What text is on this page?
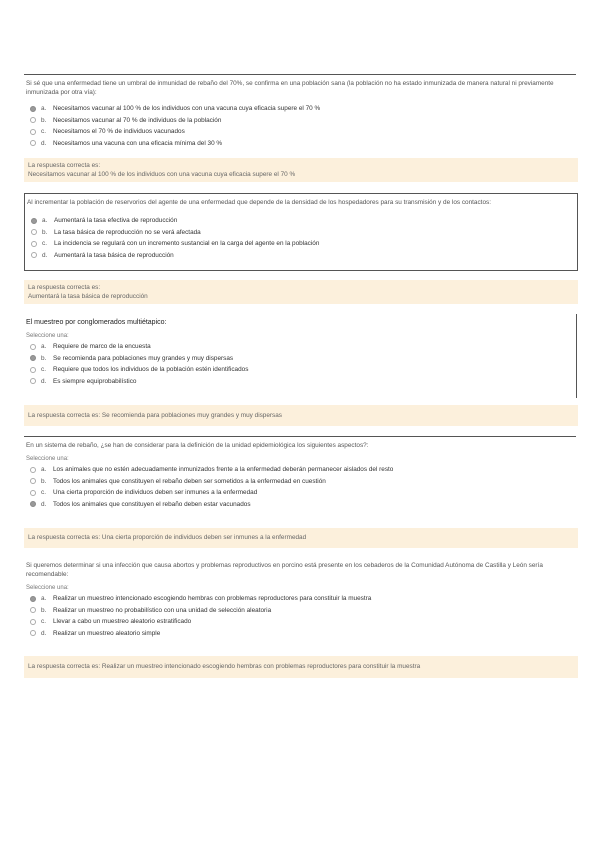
Si sé que una enfermedad tiene un umbral de inmunidad de rebaño del 70%, se confirma en una población sana (la población no ha estado inmunizada de manera natural ni previamente inmunizada por otra vía):
a.	Necesitamos vacunar al 100 % de los individuos con una vacuna cuya eficacia supere el 70 %
b.	Necesitamos vacunar al 70 % de individuos de la población
c.	Necesitamos el 70 % de individuos vacunados
d.	Necesitamos una vacuna con una eficacia mínima del 30 %
La respuesta correcta es:
Necesitamos vacunar al 100 % de los individuos con una vacuna cuya eficacia supere el 70 %
Al incrementar la población de reservorios del agente de una enfermedad que depende de la densidad de los hospedadores para su transmisión y de los contactos:
a.	Aumentará la tasa efectiva de reproducción
b.	La tasa básica de reproducción no se verá afectada
c.	La incidencia se regulará con un incremento sustancial en la carga del agente en la población
d.	Aumentará la tasa básica de reproducción
La respuesta correcta es:
Aumentará la tasa básica de reproducción
El muestreo por conglomerados multiétapico:
Seleccione una:
a.	Requiere de marco de la encuesta
b.	Se recomienda para poblaciones muy grandes y muy dispersas
c.	Requiere que todos los individuos de la población estén identificados
d.	Es siempre equiprobabilístico
La respuesta correcta es: Se recomienda para poblaciones muy grandes y muy dispersas
En un sistema de rebaño, ¿se han de considerar para la definición de la unidad epidemiológica los siguientes aspectos?:
Seleccione una:
a.	Los animales que no estén adecuadamente inmunizados frente a la enfermedad deberán permanecer aislados del resto
b.	Todos los animales que constituyen el rebaño deben ser sometidos a la enfermedad en cuestión
c.	Una cierta proporción de individuos deben ser inmunes a la enfermedad
d.	Todos los animales que constituyen el rebaño deben estar vacunados
La respuesta correcta es: Una cierta proporción de individuos deben ser inmunes a la enfermedad
Si queremos determinar si una infección que causa abortos y problemas reproductivos en porcino está presente en los cebaderos de la Comunidad Autónoma de Castilla y León sería recomendable:
Seleccione una:
a.	Realizar un muestreo intencionado escogiendo hembras con problemas reproductores para constituir la muestra
b.	Realizar un muestreo no probabilístico con una unidad de selección aleatoria
c.	Llevar a cabo un muestreo aleatorio estratificado
d.	Realizar un muestreo aleatorio simple
La respuesta correcta es: Realizar un muestreo intencionado escogiendo hembras con problemas reproductores para constituir la muestra
